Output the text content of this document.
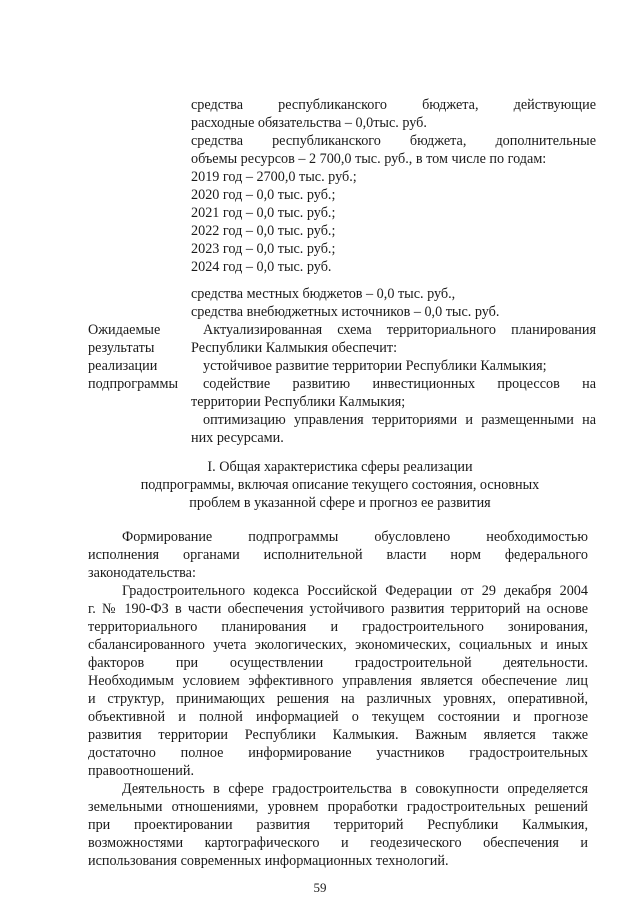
средства республиканского бюджета, действующие
расходные обязательства – 0,0тыс. руб.
средства республиканского бюджета, дополнительные
объемы ресурсов – 2 700,0 тыс. руб., в том числе по годам:
2019 год – 2700,0 тыс. руб.;
2020 год – 0,0 тыс. руб.;
2021 год – 0,0 тыс. руб.;
2022 год – 0,0 тыс. руб.;
2023 год – 0,0 тыс. руб.;
2024 год – 0,0 тыс. руб.
средства местных бюджетов – 0,0 тыс. руб.,
средства внебюджетных источников – 0,0 тыс. руб.
Ожидаемые
результаты
реализации
подпрограммы
Актуализированная схема территориального планирования
Республики Калмыкия обеспечит:
устойчивое развитие территории Республики Калмыкия;
содействие развитию инвестиционных процессов на
территории Республики Калмыкия;
оптимизацию управления территориями и размещенными на
них ресурсами.
I. Общая характеристика сферы реализации
подпрограммы, включая описание текущего состояния, основных
проблем в указанной сфере и прогноз ее развития
Формирование подпрограммы обусловлено необходимостью
исполнения органами исполнительной власти норм федерального
законодательства:
Градостроительного кодекса Российской Федерации от 29 декабря 2004
г. № 190-ФЗ в части обеспечения устойчивого развития территорий на основе
территориального планирования и градостроительного зонирования,
сбалансированного учета экологических, экономических, социальных и иных
факторов при осуществлении градостроительной деятельности.
Необходимым условием эффективного управления является обеспечение лиц
и структур, принимающих решения на различных уровнях, оперативной,
объективной и полной информацией о текущем состоянии и прогнозе
развития территории Республики Калмыкия. Важным является также
достаточно полное информирование участников градостроительных
правоотношений.
Деятельность в сфере градостроительства в совокупности определяется
земельными отношениями, уровнем проработки градостроительных решений
при проектировании развития территорий Республики Калмыкия,
возможностями картографического и геодезического обеспечения и
использования современных информационных технологий.
59
